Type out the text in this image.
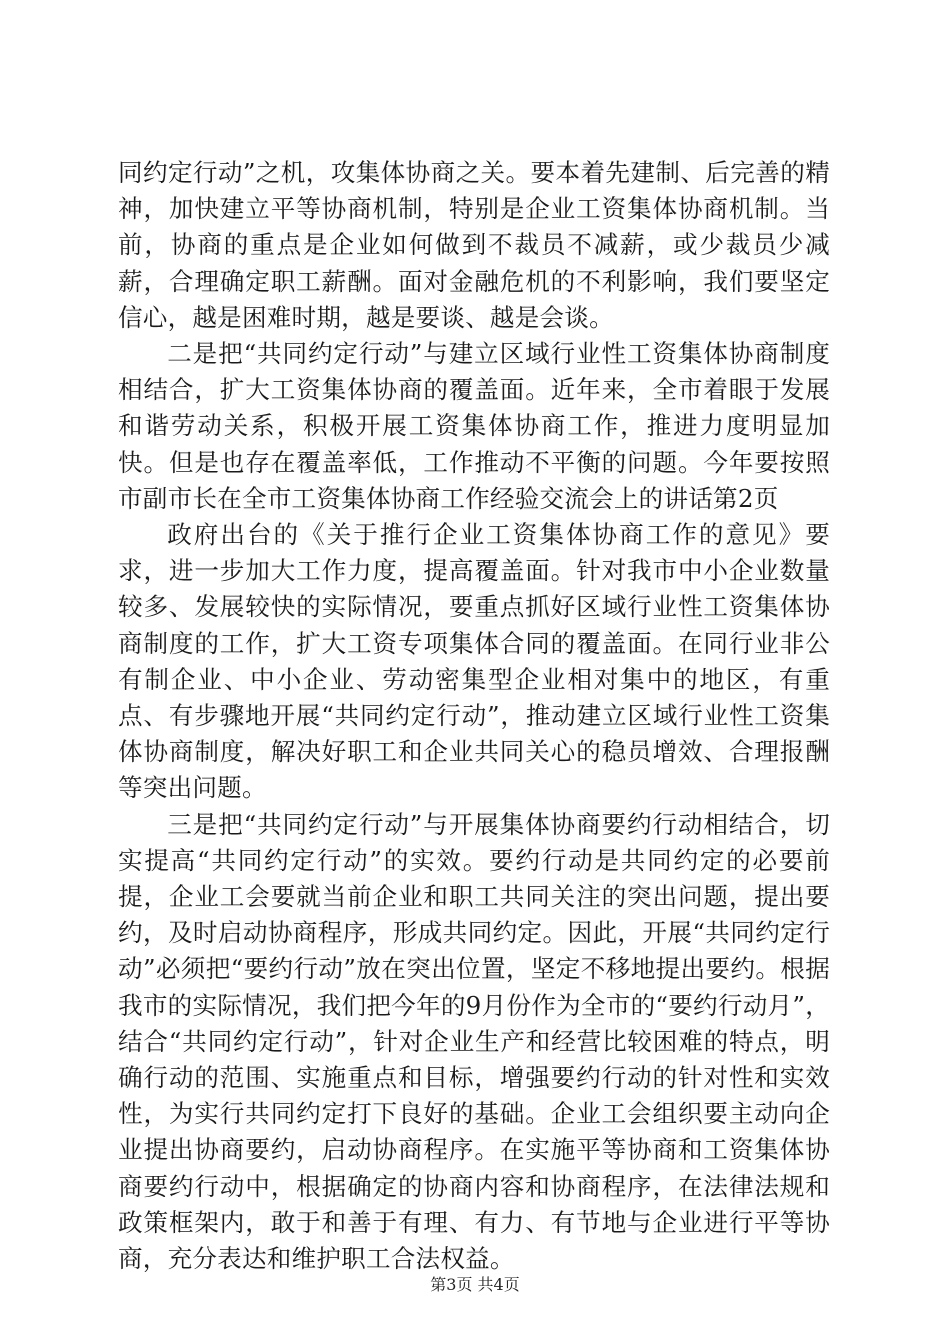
同约定行动”之机，攻集体协商之关。要本着先建制、后完善的精神，加快建立平等协商机制，特别是企业工资集体协商机制。当前，协商的重点是企业如何做到不裁员不减薪，或少裁员少减薪，合理确定职工薪酬。面对金融危机的不利影响，我们要坚定信心，越是困难时期，越是要谈、越是会谈。

二是把“共同约定行动”与建立区域行业性工资集体协商制度相结合，扩大工资集体协商的覆盖面。近年来，全市着眼于发展和谐劳动关系，积极开展工资集体协商工作，推进力度明显加快。但是也存在覆盖率低，工作推动不平衡的问题。今年要按照市副市长在全市工资集体协商工作经验交流会上的讲话第2页

政府出台的《关于推行企业工资集体协商工作的意见》要求，进一步加大工作力度，提高覆盖面。针对我市中小企业数量较多、发展较快的实际情况，要重点抓好区域行业性工资集体协商制度的工作，扩大工资专项集体合同的覆盖面。在同行业非公有制企业、中小企业、劳动密集型企业相对集中的地区，有重点、有步骤地开展“共同约定行动”，推动建立区域行业性工资集体协商制度，解决好职工和企业共同关心的稳员增效、合理报酬等突出问题。

三是把“共同约定行动”与开展集体协商要约行动相结合，切实提高“共同约定行动”的实效。要约行动是共同约定的必要前提，企业工会要就当前企业和职工共同关注的突出问题，提出要约，及时启动协商程序，形成共同约定。因此，开展“共同约定行动”必须把“要约行动”放在突出位置，坚定不移地提出要约。根据我市的实际情况，我们把今年的9月份作为全市的“要约行动月”，结合“共同约定行动”，针对企业生产和经营比较困难的特点，明确行动的范围、实施重点和目标，增强要约行动的针对性和实效性，为实行共同约定打下良好的基础。企业工会组织要主动向企业提出协商要约，启动协商程序。在实施平等协商和工资集体协商要约行动中，根据确定的协商内容和协商程序，在法律法规和政策框架内，敢于和善于有理、有力、有节地与企业进行平等协商，充分表达和维护职工合法权益。

第3页 共4页
